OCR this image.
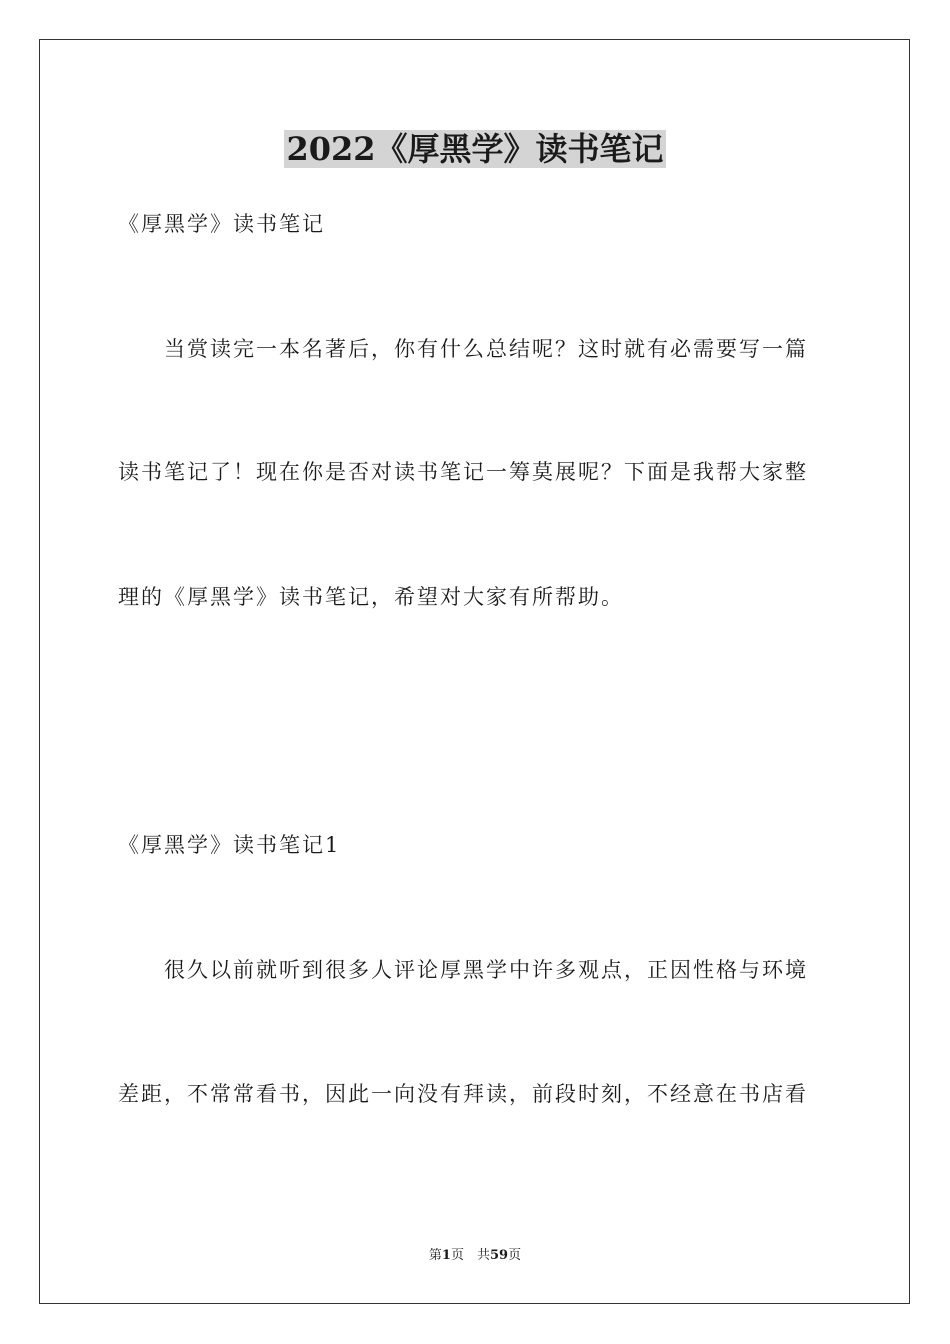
2022《厚黑学》读书笔记

《厚黑学》读书笔记

当赏读完一本名著后，你有什么总结呢？这时就有必需要写一篇

读书笔记了！现在你是否对读书笔记一筹莫展呢？下面是我帮大家整

理的《厚黑学》读书笔记，希望对大家有所帮助。

《厚黑学》读书笔记1

很久以前就听到很多人评论厚黑学中许多观点，正因性格与环境

差距，不常常看书，因此一向没有拜读，前段时刻，不经意在书店看

第1页　共59页
